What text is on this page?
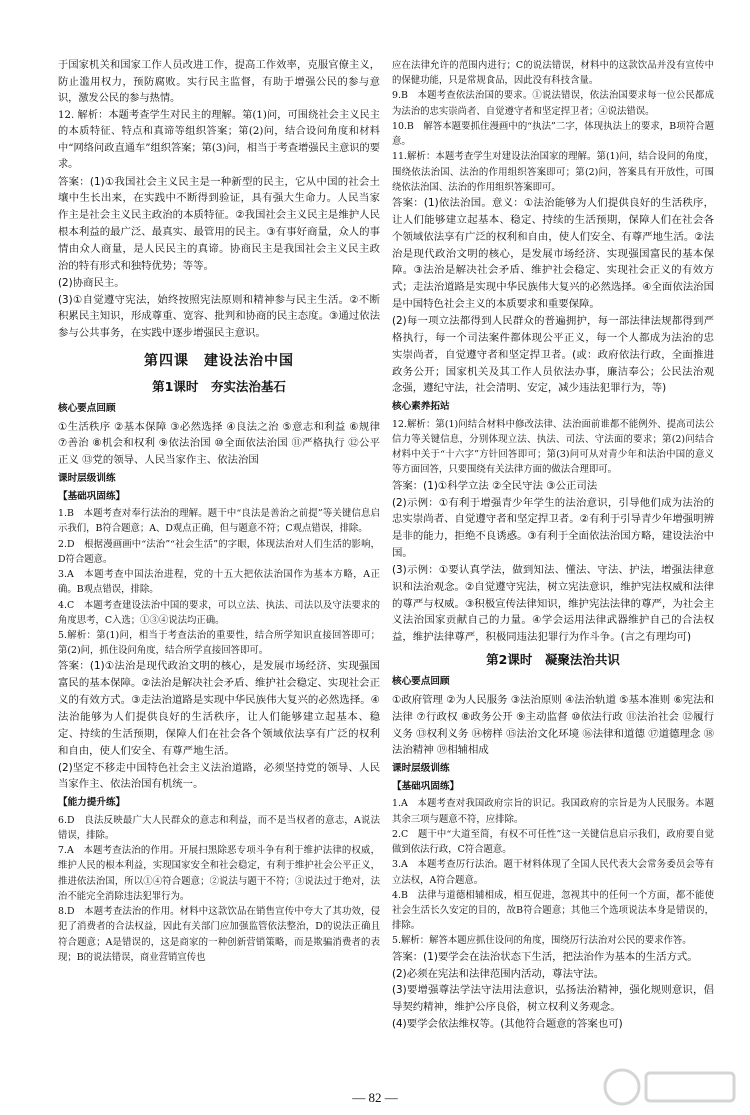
于国家机关和国家工作人员改进工作，提高工作效率，克服官僚主义，防止滥用权力，预防腐败。实行民主监督，有助于增强公民的参与意识，激发公民的参与热情。

12. 解析：本题考查学生对民主的理解。第(1)问，可围绕社会主义民主的本质特征、特点和真谛等组织答案；第(2)问，结合设问角度和材料中“网络问政直通车”组织答案；第(3)问，相当于考查增强民主意识的要求。

答案：(1)①我国社会主义民主是一种新型的民主，它从中国的社会土壤中生长出来，在实践中不断得到验证，具有强大生命力。人民当家作主是社会主义民主政治的本质特征。②我国社会主义民主是维护人民根本利益的最广泛、最真实、最管用的民主。③有事好商量，众人的事情由众人商量，是人民民主的真谛。协商民主是我国社会主义民主政治的特有形式和独特优势；等等。

(2)协商民主。

(3)①自觉遵守宪法，始终按照宪法原则和精神参与民主生活。②不断积累民主知识，形成尊重、宽容、批判和协商的民主态度。③通过依法参与公共事务，在实践中逐步增强民主意识。

第四课　建设法治中国
第1课时　夯实法治基石
核心要点回顾

①生活秩序 ②基本保障 ③必然选择 ④良法之治 ⑤意志和利益 ⑥规律 ⑦善治 ⑧机会和权利 ⑨依法治国 ⑩全面依法治国 ⑪严格执行 ⑫公平正义 ⑬党的领导、人民当家作主、依法治国

课时层级训练
【基础巩固练】

1.B　本题考查对奉行法治的理解。题干中“良法是善治之前提”等关键信息启示我们，B符合题意；A、D观点正确，但与题意不符；C观点错误，排除。

2.D　根据漫画画中“法治”“社会生活”的字眼，体现法治对人们生活的影响，D符合题意。

3.A　本题考查中国法治进程，党的十五大把依法治国作为基本方略，A正确。B观点错误，排除。

4.C　本题考查建设法治中国的要求，可以立法、执法、司法以及守法要求的角度思考，C入选；①③④说法均正确。

5.解析：第(1)问，相当于考查法治的重要性，结合所学知识直接回答即可；第(2)问，抓住设问角度，结合所学直接回答即可。

答案：(1)①法治是现代政治文明的核心，是发展市场经济、实现强国富民的基本保障。②法治是解决社会矛盾、维护社会稳定、实现社会正义的有效方式。③走法治道路是实现中华民族伟大复兴的必然选择。④法治能够为人们提供良好的生活秩序，让人们能够建立起基本、稳定、持续的生活预期，保障人们在社会各个领域依法享有广泛的权利和自由，使人们安全、有尊严地生活。

(2)坚定不移走中国特色社会主义法治道路，必须坚持党的领导、人民当家作主、依法治国有机统一。

【能力提升练】

6.D　良法反映最广大人民群众的意志和利益，而不是当权者的意志，A说法错误，排除。

7.A　本题考查法治的作用。开展扫黑除恶专项斗争有利于维护法律的权威，维护人民的根本利益，实现国家安全和社会稳定，有利于维护社会公平正义，推进依法治国，所以①④符合题意；②说法与题干不符；③说法过于绝对，法治不能完全消除违法犯罪行为。

8.D　本题考查法治的作用。材料中这款饮品在销售宣传中夸大了其功效，侵犯了消费者的合法权益，因此有关部门应加强监管依法整治，D的说法正确且符合题意；A是错误的，这是商家的一种创新营销策略，而是欺骗消费者的表现；B的说法错误，商业营销宣传也

应在法律允许的范围内进行；C的说法错误，材料中的这款饮品并没有宣传中的保健功能，只是常规食品，因此没有科技含量。

9.B　本题考查依法治国的要求。①说法错误，依法治国要求每一位公民都成为法治的忠实崇尚者、自觉遵守者和坚定捍卫者；④说法错误。

10.B　解答本题要抓住漫画中的“执法”二字，体现执法上的要求，B项符合题意。

11.解析：本题考查学生对建设法治国家的理解。第(1)问，结合设问的角度，围绕依法治国、法治的作用组织答案即可；第(2)问，答案具有开放性，可围绕依法治国、法治的作用组织答案即可。

答案：(1)依法治国。意义：①法治能够为人们提供良好的生活秩序，让人们能够建立起基本、稳定、持续的生活预期，保障人们在社会各个领域依法享有广泛的权利和自由，使人们安全、有尊严地生活。②法治是现代政治文明的核心，是发展市场经济、实现强国富民的基本保障。③法治是解决社会矛盾、维护社会稳定、实现社会正义的有效方式；走法治道路是实现中华民族伟大复兴的必然选择。④全面依法治国是中国特色社会主义的本质要求和重要保障。

(2)每一项立法都得到人民群众的普遍拥护，每一部法律法规都得到严格执行，每一个司法案件都体现公平正义，每一个人都成为法治的忠实崇尚者，自觉遵守者和坚定捍卫者。(或：政府依法行政，全面推进政务公开；国家机关及其工作人员依法办事，廉洁奉公；公民法治观念强，遵纪守法，社会清明、安定，减少违法犯罪行为，等)

核心素养拓站

12.解析：第(1)问结合材料中修改法律、法治面前谁都不能例外、提高司法公信力等关键信息，分别体现立法、执法、司法、守法面的要求；第(2)问结合材料中关于“十六字”方针回答即可；第(3)问可从对青少年和法治中国的意义等方面回答，只要围绕有关法律方面的做法合理即可。

答案：(1)①科学立法 ②全民守法 ③公正司法

(2)示例：①有利于增强青少年学生的法治意识，引导他们成为法治的忠实崇尚者、自觉遵守者和坚定捍卫者。②有利于引导青少年增强明辨是非的能力，拒绝不良诱惑。③有利于全面依法治国方略，建设法治中国。

(3)示例：①要认真学法，做到知法、懂法、守法、护法，增强法律意识和法治观念。②自觉遵守宪法，树立宪法意识，维护宪法权威和法律的尊严与权威。③积极宣传法律知识，维护宪法法律的尊严，为社会主义法治国家贡献自己的力量。④学会运用法律武器维护自己的合法权益，维护法律尊严，积极同违法犯罪行为作斗争。(言之有理均可)

第2课时　凝聚法治共识
核心要点回顾

①政府管理 ②为人民服务 ③法治原则 ④法治轨道 ⑤基本准则 ⑥宪法和法律 ⑦行政权 ⑧政务公开 ⑨主动监督 ⑩依法行政 ⑪法治社会 ⑫履行义务 ⑬权利义务 ⑭榜样 ⑮法治文化环境 ⑯法律和道德 ⑰道德理念 ⑱法治精神 ⑲相辅相成

课时层级训练
【基础巩固练】

1.A　本题考查对我国政府宗旨的识记。我国政府的宗旨是为人民服务。本题其余三项与题意不符，应排除。

2.C　题干中“大道至简，有权不可任性”这一关键信息启示我们，政府要自觉做到依法行政，C符合题意。

3.A　本题考查厉行法治。题干材料体现了全国人民代表大会常务委员会等有立法权，A符合题意。

4.B　法律与道德相辅相成，相互促进，忽视其中的任何一个方面，都不能使社会生活长久安定的目的，故B符合题意；其他三个选项说法本身是错误的，排除。

5.解析：解答本题应抓住设问的角度，围绕厉行法治对公民的要求作答。

答案：(1)要学会在法治状态下生活，把法治作为基本的生活方式。

(2)必须在宪法和法律范围内活动，尊法守法。

(3)要增强尊法学法守法用法意识，弘扬法治精神，强化规则意识，倡导契约精神，维护公序良俗，树立权利义务观念。

(4)要学会依法维权等。(其他符合题意的答案也可)

— 82 —
